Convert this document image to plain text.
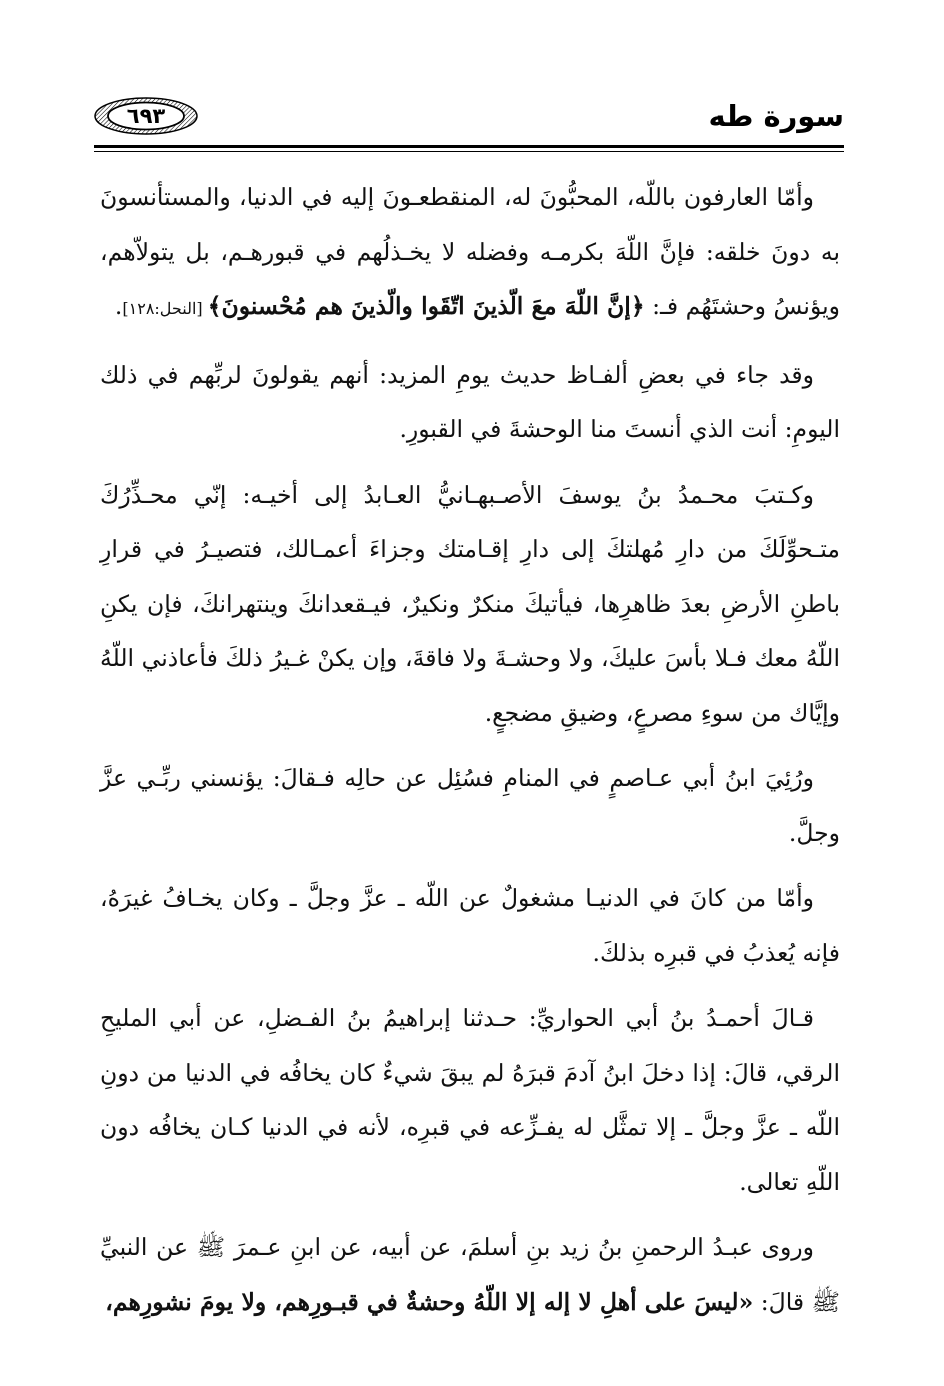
سورة طه
٦٩٣

وأمّا العارفون باللّه، المحبُّونَ له، المنقطعـونَ إليه في الدنيا، والمستأنسونَ به دونَ خلقه: فإنَّ اللّهَ بكرمـه وفضله لا يخـذلُهم في قبورهـم، بل يتولاّهم، ويؤنسُ وحشتَهُم فـ: ﴿إنَّ اللّهَ معَ الّذينَ اتّقَوا والّذينَ هم مُحْسنونَ﴾ [النحل:١٢٨].

وقد جاء في بعضِ ألفـاظ حديث يومِ المزيد: أنهم يقولونَ لربِّهم في ذلك اليومِ: أنت الذي أنستَ منا الوحشةَ في القبورِ.

وكـتبَ محـمدُ بنُ يوسفَ الأصـبهـانيُّ العـابدُ إلى أخيـه: إنّي محـذِّرُكَ متـحوِّلَكَ من دارِ مُهلتكَ إلى دارِ إقـامتك وجزاءَ أعمـالك، فتصيـرُ في قرارِ باطنِ الأرضِ بعدَ ظاهرِها، فيأتيكَ منكرٌ ونكيرٌ، فيـقعدانكَ وينتهرانكَ، فإن يكنِ اللّهُ معك فـلا بأسَ عليكَ، ولا وحشـةَ ولا فاقةَ، وإن يكنْ غـيرُ ذلكَ فأعاذني اللّهُ وإيَّاك من سوءِ مصرعٍ، وضيقِ مضجعٍ.

ورُئِيَ ابنُ أبي عـاصمٍ في المنامِ فسُئِل عن حالِه فـقالَ: يؤنسني ربِّـي عزَّ وجلَّ.

وأمّا من كانَ في الدنيـا مشغولٌ عن اللّه ـ عزَّ وجلَّ ـ وكان يخـافُ غيرَهُ، فإنه يُعذبُ في قبرِه بذلكَ.

قـالَ أحمـدُ بنُ أبي الحواريِّ: حـدثنا إبراهيمُ بنُ الفـضلِ، عن أبي المليحِ الرقي، قالَ: إذا دخلَ ابنُ آدمَ قبرَهُ لم يبقَ شيءٌ كان يخافُه في الدنيا من دونِ اللّه ـ عزَّ وجلَّ ـ إلا تمثَّل له يفـزِّعه في قبرِه، لأنه في الدنيا كـان يخافُه دون اللّهِ تعالى.

وروى عبـدُ الرحمنِ بنُ زيد بنِ أسلمَ، عن أبيه، عن ابنِ عـمرَ ﷺ عن النبيِّ ﷺ قالَ: «ليسَ على أهلِ لا إله إلا اللّهُ وحشةٌ في قبـورِهم، ولا يومَ نشورِهم،
